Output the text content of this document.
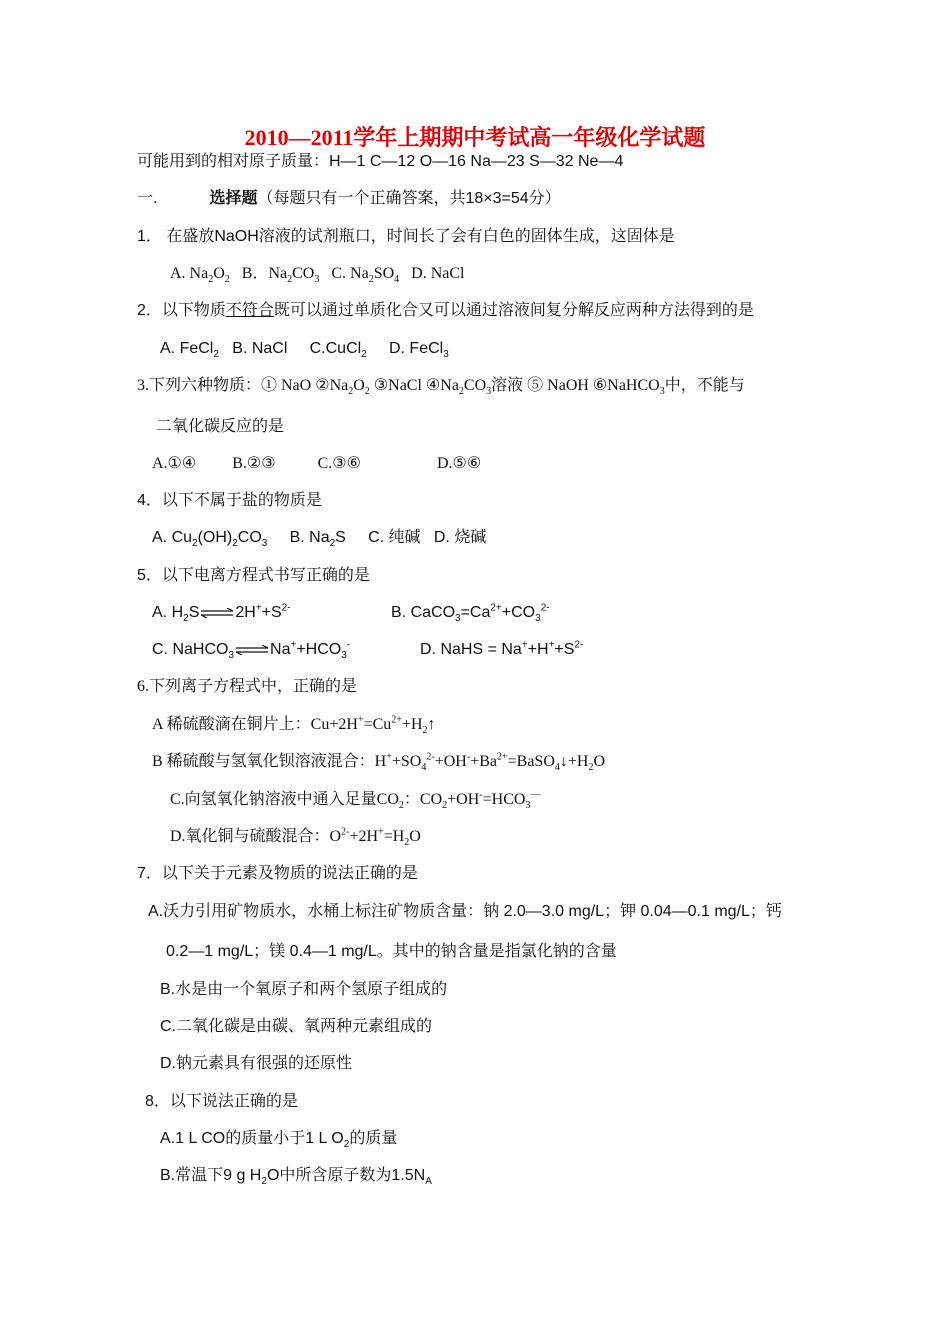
2010—2011学年上期期中考试高一年级化学试题
可能用到的相对原子质量：H—1 C—12 O—16 Na—23 S—32 Ne—4
一.	选择题（每题只有一个正确答案，共18×3=54分）
1． 在盛放NaOH溶液的试剂瓶口，时间长了会有白色的固体生成，这固体是
A. $Na_2O_2$ B．$Na_2CO_3$ C. $Na_2SO_4$ D. NaCl
2．以下物质不符合既可以通过单质化合又可以通过溶液间复分解反应两种方法得到的是
A. FeCl$_2$ B. NaCl C.CuCl$_2$ D. FeCl$_3$
3.下列六种物质：① NaO $②Na_2O_2$ ③NaCl $④Na_2CO_3$溶液 ⑤ NaOH ⑥NaHCO$_3$中，不能与
二氧化碳反应的是
A.①④ B.②③	C.③⑥	D.⑤⑥
4．以下不属于盐的物质是
A. $Cu_2(OH)_2CO_3$ B. $Na_2S$ C. 纯碱 D. 烧碱
5．以下电离方程式书写正确的是
A. $H_2S\rightleftharpoons 2H^++S^{2-}$	B. $CaCO_3=Ca^{2+}+CO_3^{2-}$
C. NaHCO$_3$ $\rightleftharpoons Na^++HCO_3^-$	D. NaHS = $Na^++H^++S^{2-}$
6.下列离子方程式中，正确的是
A 稀硫酸滴在铜片上：$Cu+2H^+=Cu^{2+}+H_2↑$
B 稀硫酸与氢氧化钡溶液混合：$H^++SO_4^{2-}+OH^-+Ba^{2+}=BaSO_4↓+H_2O$
C.向氢氧化钠溶液中通入足量$CO_2$：$CO_2+OH^-=HCO_3^—$
D.氧化铜与硫酸混合：$O^{2-}+2H^+=H_2O$
7．以下关于元素及物质的说法正确的是
A.沃力引用矿物质水，水桶上标注矿物质含量：钠 2.0—3.0 mg/L；钾 0.04—0.1 mg/L；钙
0.2—1 mg/L；镁 0.4—1 mg/L。其中的钠含量是指氯化钠的含量
B.水是由一个氧原子和两个氢原子组成的
C.二氧化碳是由碳、氧两种元素组成的
D.钠元素具有很强的还原性
8．以下说法正确的是
A.1 L CO的质量小于1 L $O_2$的质量
B.常温下9 g $H_2O$中所含原子数为$1.5N_A$
